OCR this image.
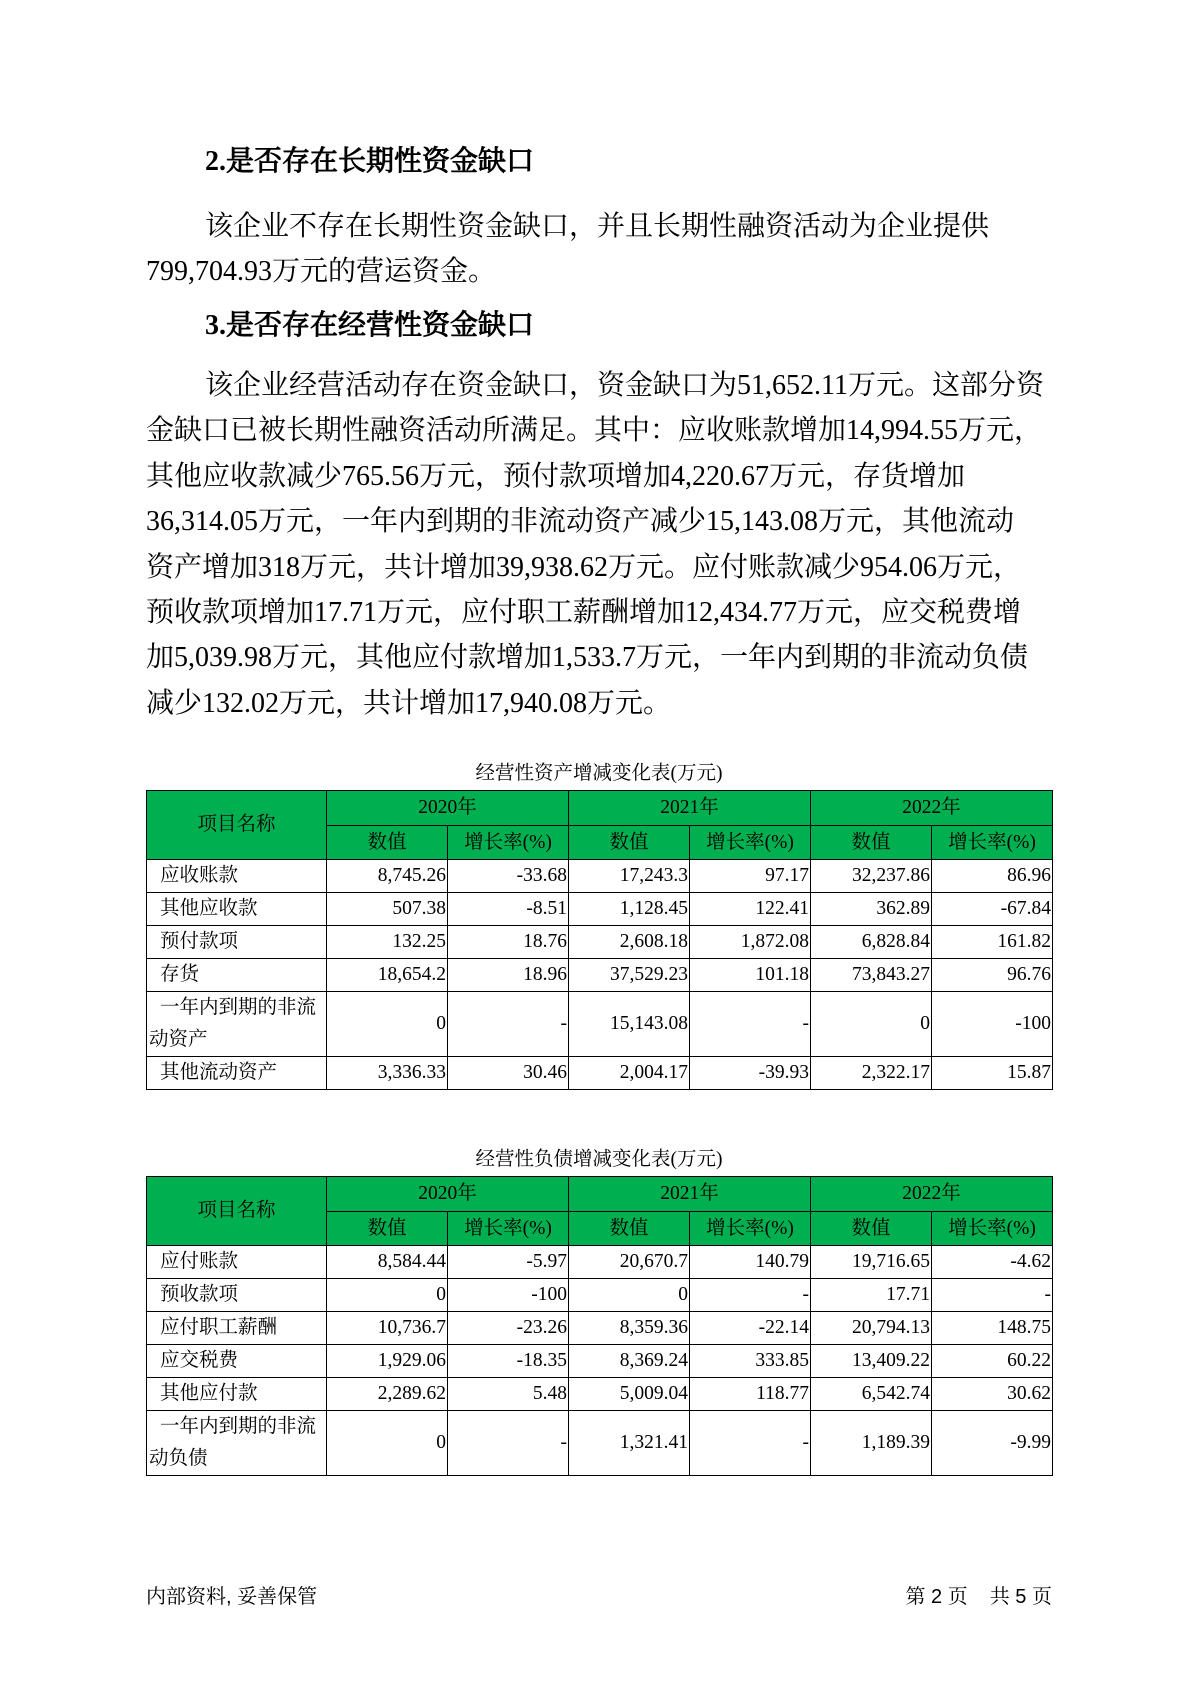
2.是否存在长期性资金缺口
该企业不存在长期性资金缺口，并且长期性融资活动为企业提供
799,704.93万元的营运资金。
3.是否存在经营性资金缺口
该企业经营活动存在资金缺口，资金缺口为51,652.11万元。这部分资
金缺口已被长期性融资活动所满足。其中：应收账款增加14,994.55万元，
其他应收款减少765.56万元，预付款项增加4,220.67万元，存货增加
36,314.05万元，一年内到期的非流动资产减少15,143.08万元，其他流动
资产增加318万元，共计增加39,938.62万元。应付账款减少954.06万元，
预收款项增加17.71万元，应付职工薪酬增加12,434.77万元，应交税费增
加5,039.98万元，其他应付款增加1,533.7万元，一年内到期的非流动负债
减少132.02万元，共计增加17,940.08万元。
经营性资产增减变化表(万元)
项目名称	2020年		2021年		2022年	
	数值	增长率(%)	数值	增长率(%)	数值	增长率(%)
应收账款	8,745.26	-33.68	17,243.3	97.17	32,237.86	86.96
其他应收款	507.38	-8.51	1,128.45	122.41	362.89	-67.84
预付款项	132.25	18.76	2,608.18	1,872.08	6,828.84	161.82
存货	18,654.2	18.96	37,529.23	101.18	73,843.27	96.76
一年内到期的非流动资产	0	-	15,143.08	-	0	-100
其他流动资产	3,336.33	30.46	2,004.17	-39.93	2,322.17	15.87
经营性负债增减变化表(万元)
项目名称	2020年		2021年		2022年	
	数值	增长率(%)	数值	增长率(%)	数值	增长率(%)
应付账款	8,584.44	-5.97	20,670.7	140.79	19,716.65	-4.62
预收款项	0	-100	0	-	17.71	-
应付职工薪酬	10,736.7	-23.26	8,359.36	-22.14	20,794.13	148.75
应交税费	1,929.06	-18.35	8,369.24	333.85	13,409.22	60.22
其他应付款	2,289.62	5.48	5,009.04	118.77	6,542.74	30.62
一年内到期的非流动负债	0	-	1,321.41	-	1,189.39	-9.99
内部资料, 妥善保管	第 2 页 共 5 页
